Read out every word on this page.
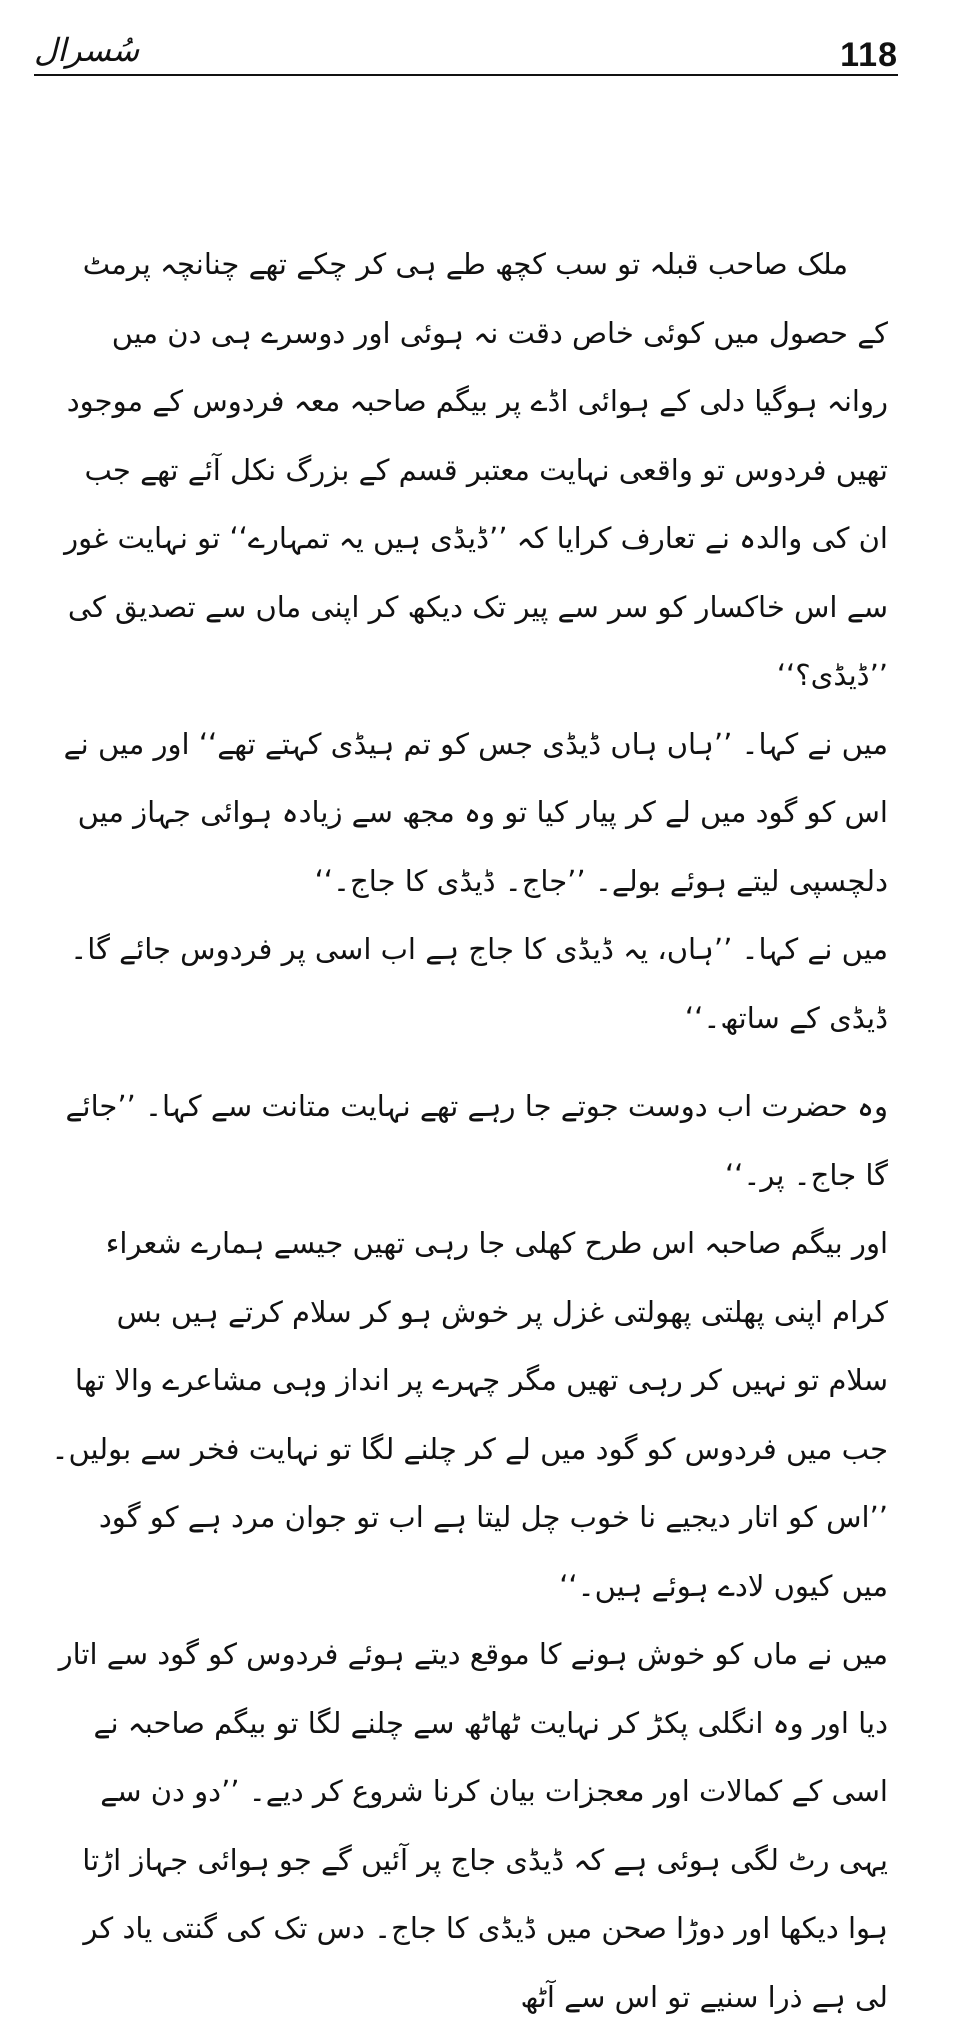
118
سُسرال

ملک صاحب قبلہ تو سب کچھ طے ہی کر چکے تھے چنانچہ پرمٹ کے حصول میں کوئی خاص دقت نہ ہوئی اور دوسرے ہی دن میں روانہ ہوگیا دلی کے ہوائی اڈے پر بیگم صاحبہ معہ فردوس کے موجود تھیں فردوس تو واقعی نہایت معتبر قسم کے بزرگ نکل آئے تھے جب ان کی والدہ نے تعارف کرایا کہ ’’ڈیڈی ہیں یہ تمہارے‘‘ تو نہایت غور سے اس خاکسار کو سر سے پیر تک دیکھ کر اپنی ماں سے تصدیق کی ’’ڈیڈی؟‘‘

میں نے کہا۔ ’’ہاں ہاں ڈیڈی جس کو تم ہیڈی کہتے تھے‘‘ اور میں نے اس کو گود میں لے کر پیار کیا تو وہ مجھ سے زیادہ ہوائی جہاز میں دلچسپی لیتے ہوئے بولے۔ ’’جاج۔ ڈیڈی کا جاج۔‘‘

میں نے کہا۔ ’’ہاں، یہ ڈیڈی کا جاج ہے اب اسی پر فردوس جائے گا۔ ڈیڈی کے ساتھ۔‘‘

وہ حضرت اب دوست جوتے جا رہے تھے نہایت متانت سے کہا۔ ’’جائے گا جاج۔ پر۔‘‘

اور بیگم صاحبہ اس طرح کھلی جا رہی تھیں جیسے ہمارے شعراء کرام اپنی پھلتی پھولتی غزل پر خوش ہو کر سلام کرتے ہیں بس سلام تو نہیں کر رہی تھیں مگر چہرے پر انداز وہی مشاعرے والا تھا جب میں فردوس کو گود میں لے کر چلنے لگا تو نہایت فخر سے بولیں۔ ’’اس کو اتار دیجیے نا خوب چل لیتا ہے اب تو جوان مرد ہے کو گود میں کیوں لادے ہوئے ہیں۔‘‘

میں نے ماں کو خوش ہونے کا موقع دیتے ہوئے فردوس کو گود سے اتار دیا اور وہ انگلی پکڑ کر نہایت ٹھاٹھ سے چلنے لگا تو بیگم صاحبہ نے اسی کے کمالات اور معجزات بیان کرنا شروع کر دیے۔ ’’دو دن سے یہی رٹ لگی ہوئی ہے کہ ڈیڈی جاج پر آئیں گے جو ہوائی جہاز اڑتا ہوا دیکھا اور دوڑا صحن میں ڈیڈی کا جاج۔ دس تک کی گنتی یاد کر لی ہے ذرا سنیے تو اس سے آٹھ
